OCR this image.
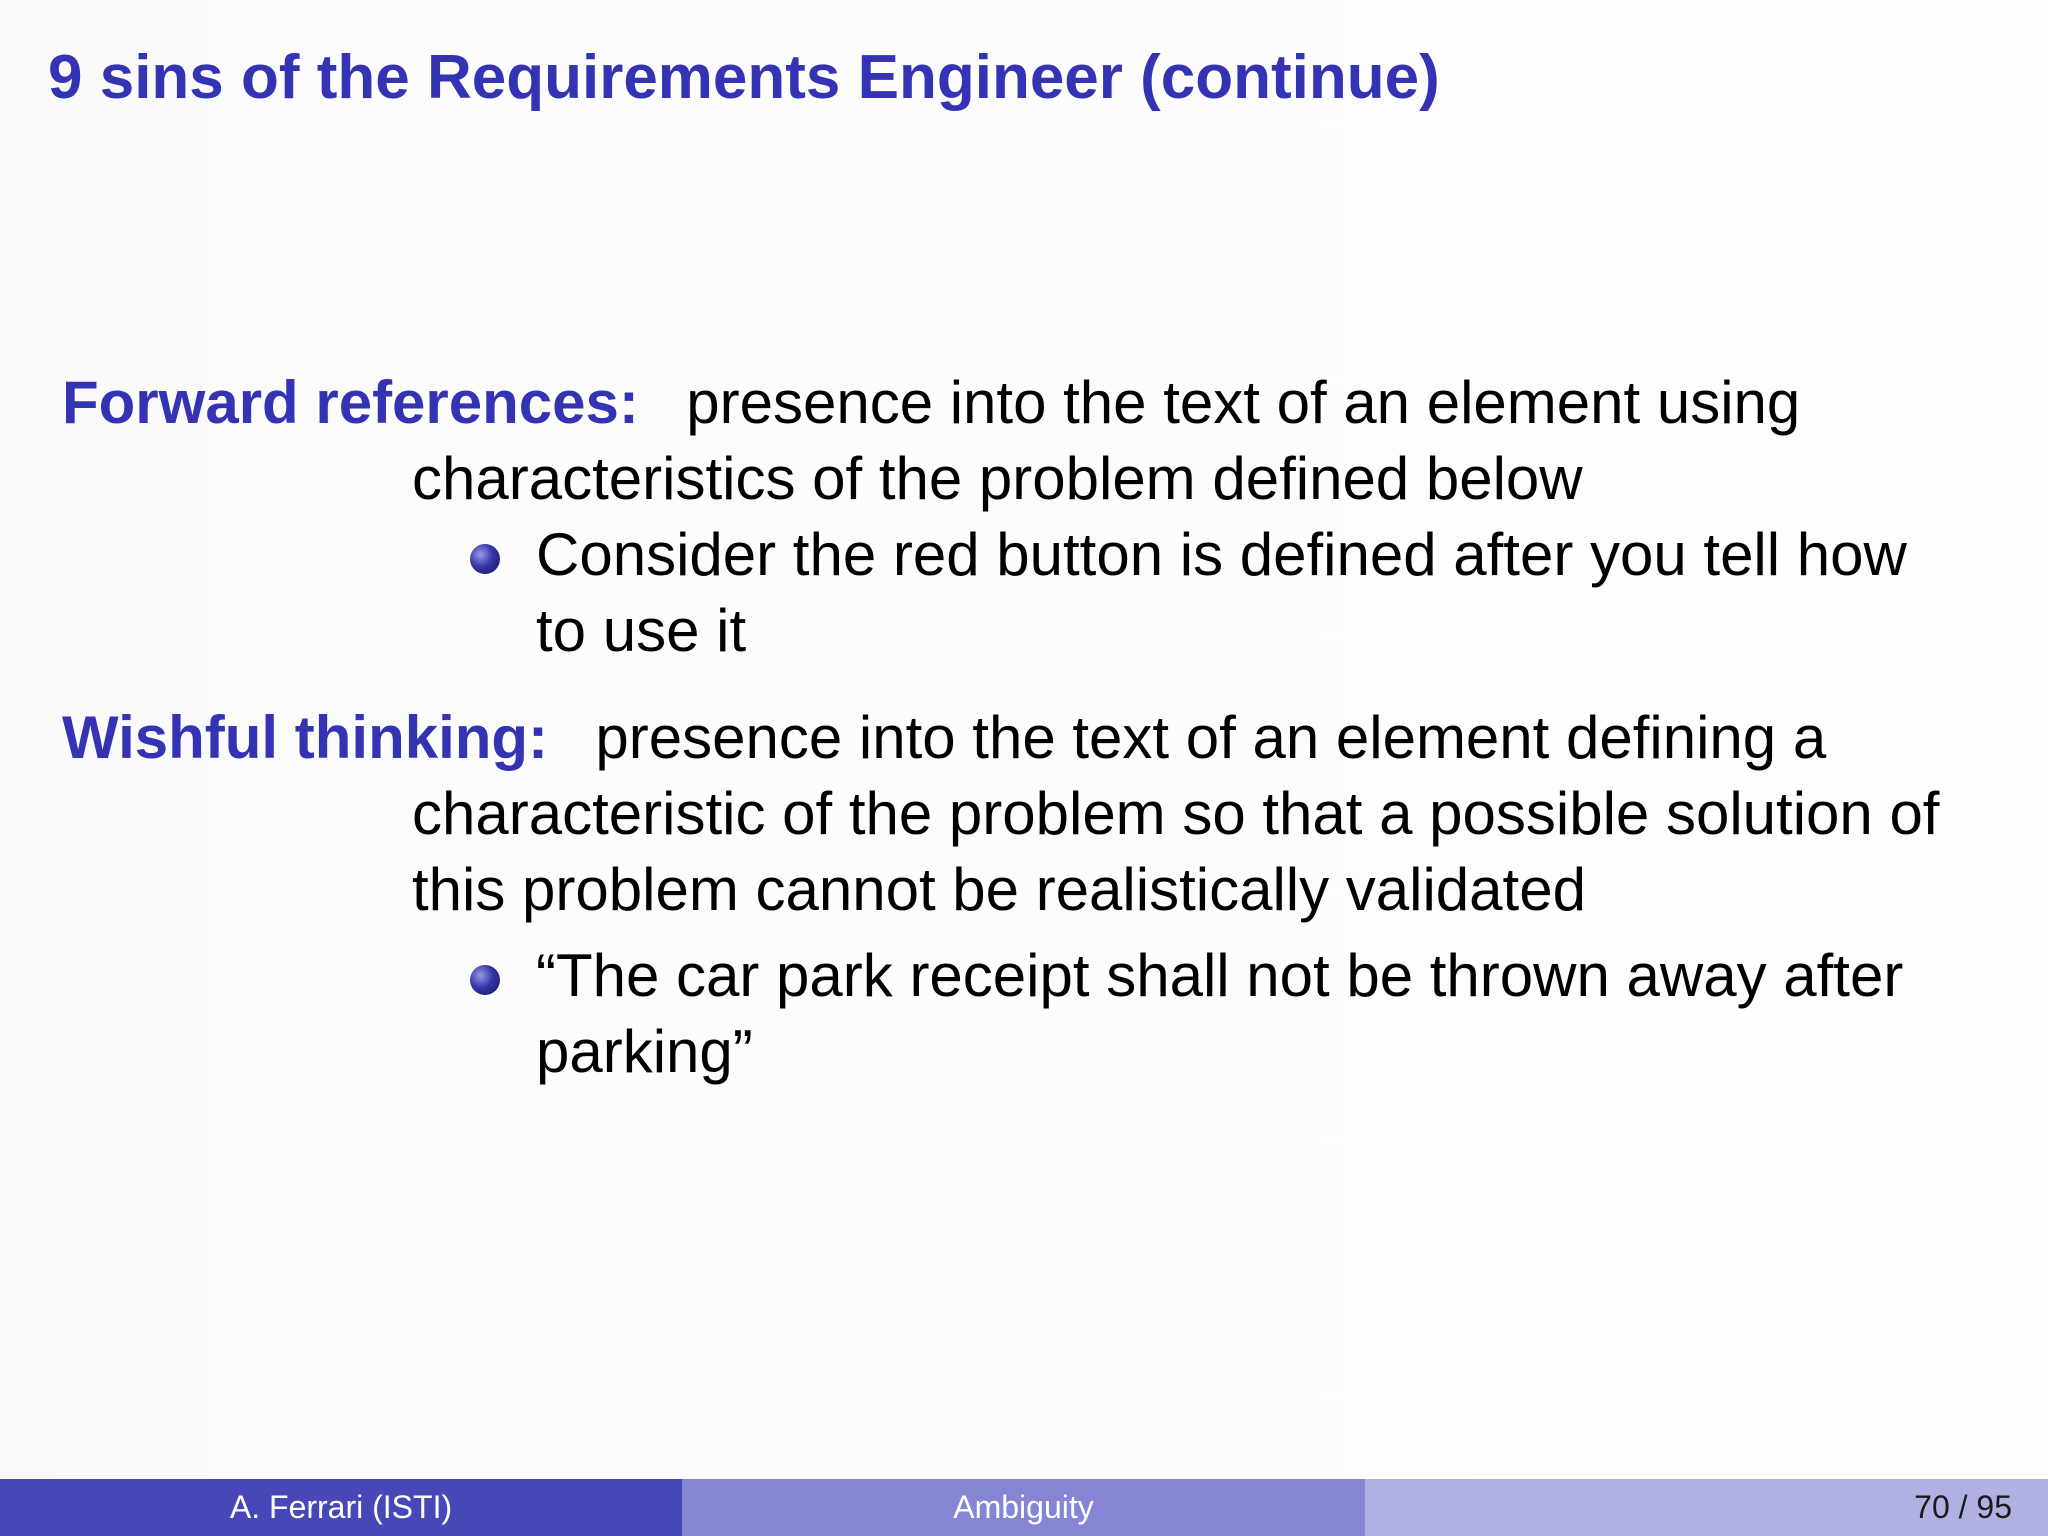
9 sins of the Requirements Engineer (continue)
Forward references: presence into the text of an element using
characteristics of the problem defined below
Consider the red button is defined after you tell how
to use it
Wishful thinking: presence into the text of an element defining a
characteristic of the problem so that a possible solution of
this problem cannot be realistically validated
“The car park receipt shall not be thrown away after
parking”
A. Ferrari (ISTI)	Ambiguity	70 / 95
